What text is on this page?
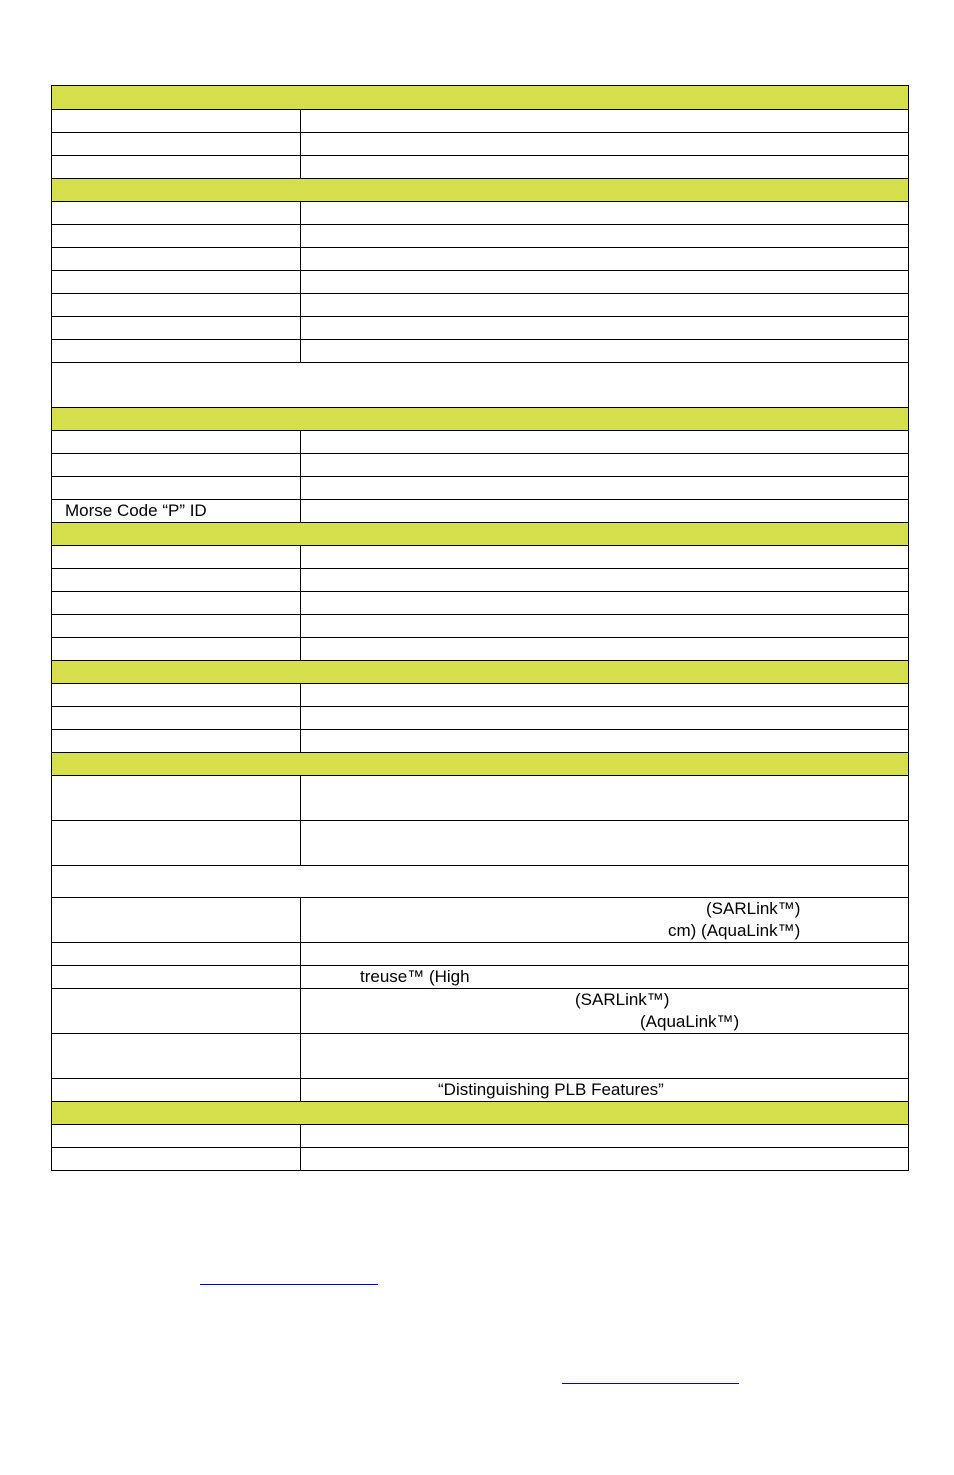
Morse Code “P” ID
(SARLink™)
cm) (AquaLink™)
treuse™ (High
(SARLink™)
(AquaLink™)
“Distinguishing PLB Features”
